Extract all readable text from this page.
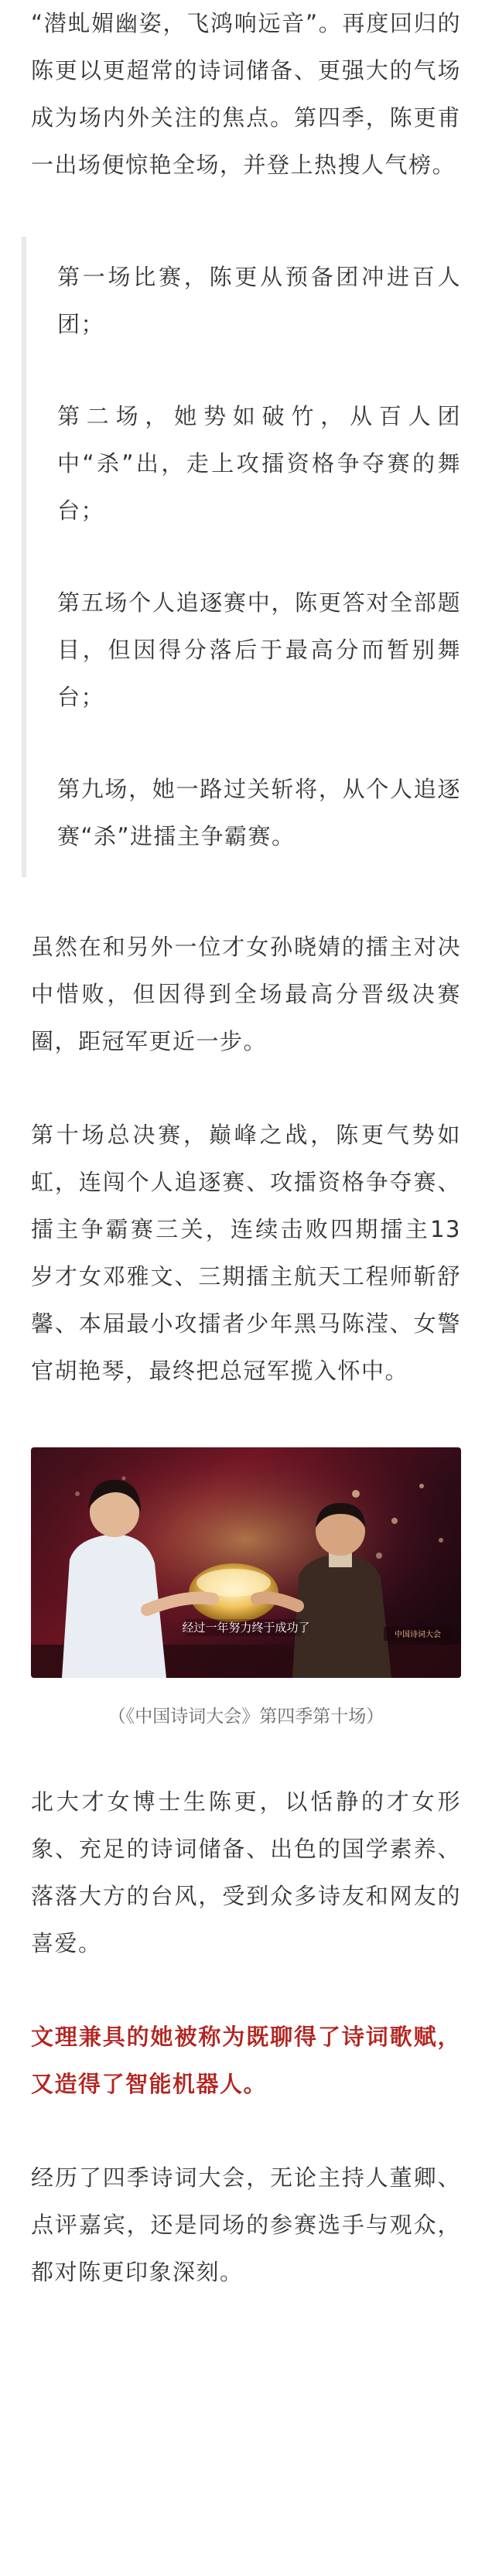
“潜虬媚幽姿，飞鸿响远音”。再度回归的陈更以更超常的诗词储备、更强大的气场成为场内外关注的焦点。第四季，陈更甫一出场便惊艳全场，并登上热搜人气榜。

第一场比赛，陈更从预备团冲进百人团；

第二场，她势如破竹，从百人团中“杀”出，走上攻擂资格争夺赛的舞台；

第五场个人追逐赛中，陈更答对全部题目，但因得分落后于最高分而暂别舞台；

第九场，她一路过关斩将，从个人追逐赛“杀”进擂主争霸赛。

虽然在和另外一位才女孙晓婧的擂主对决中惜败，但因得到全场最高分晋级决赛圈，距冠军更近一步。

第十场总决赛，巅峰之战，陈更气势如虹，连闯个人追逐赛、攻擂资格争夺赛、擂主争霸赛三关，连续击败四期擂主13岁才女邓雅文、三期擂主航天工程师靳舒馨、本届最小攻擂者少年黑马陈滢、女警官胡艳琴，最终把总冠军揽入怀中。

中国诗词大会
经过一年努力终于成功了
（《中国诗词大会》第四季第十场）

北大才女博士生陈更，以恬静的才女形象、充足的诗词储备、出色的国学素养、落落大方的台风，受到众多诗友和网友的喜爱。

文理兼具的她被称为既聊得了诗词歌赋，又造得了智能机器人。

经历了四季诗词大会，无论主持人董卿、点评嘉宾，还是同场的参赛选手与观众，都对陈更印象深刻。
